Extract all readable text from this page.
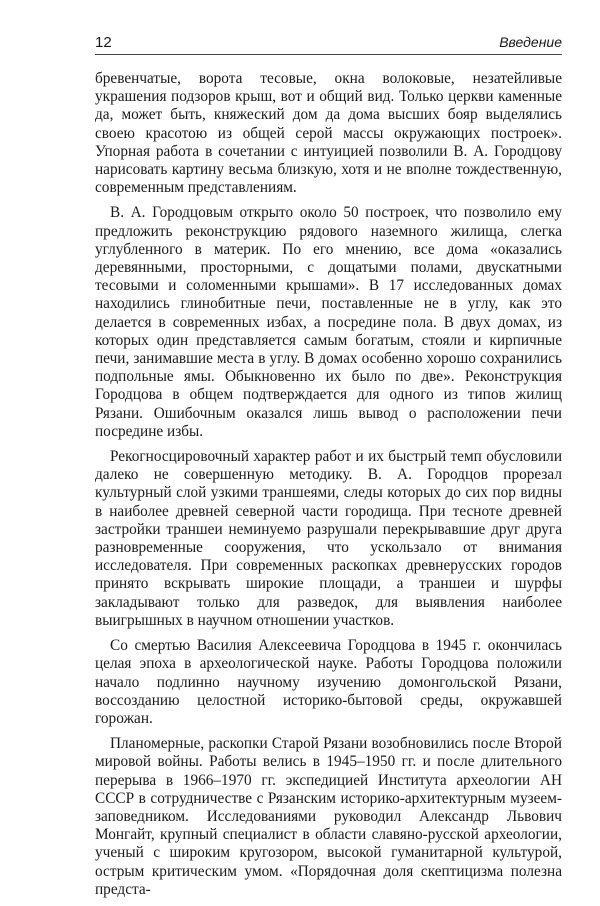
12	Введение

бревенчатые, ворота тесовые, окна волоковые, незатейливые украшения подзоров крыш, вот и общий вид. Только церкви каменные да, может быть, княжеский дом да дома высших бояр выделялись своею красотою из общей серой массы окружающих построек». Упорная работа в сочетании с интуицией позволили В. А. Городцову нарисовать картину весьма близкую, хотя и не вполне тождественную, современным представлениям.

В. А. Городцовым открыто около 50 построек, что позволило ему предложить реконструкцию рядового наземного жилища, слегка углубленного в материк. По его мнению, все дома «оказались деревянными, просторными, с дощатыми полами, двускатными тесовыми и соломенными крышами». В 17 исследованных домах находились глинобитные печи, поставленные не в углу, как это делается в современных избах, а посредине пола. В двух домах, из которых один представляется самым богатым, стояли и кирпичные печи, занимавшие места в углу. В домах особенно хорошо сохранились подпольные ямы. Обыкновенно их было по две». Реконструкция Городцова в общем подтверждается для одного из типов жилищ Рязани. Ошибочным оказался лишь вывод о расположении печи посредине избы.

Рекогносцировочный характер работ и их быстрый темп обусловили далеко не совершенную методику. В. А. Городцов прорезал культурный слой узкими траншеями, следы которых до сих пор видны в наиболее древней северной части городища. При тесноте древней застройки траншеи неминуемо разрушали перекрывавшие друг друга разновременные сооружения, что ускользало от внимания исследователя. При современных раскопках древнерусских городов принято вскрывать широкие площади, а траншеи и шурфы закладывают только для разведок, для выявления наиболее выигрышных в научном отношении участков.

Со смертью Василия Алексеевича Городцова в 1945 г. окончилась целая эпоха в археологической науке. Работы Городцова положили начало подлинно научному изучению домонгольской Рязани, воссозданию целостной историко-бытовой среды, окружавшей горожан.

Планомерные, раскопки Старой Рязани возобновились после Второй мировой войны. Работы велись в 1945–1950 гг. и после длительного перерыва в 1966–1970 гг. экспедицией Института археологии АН СССР в сотрудничестве с Рязанским историко-архитектурным музеем-заповедником. Исследованиями руководил Александр Львович Монгайт, крупный специалист в области славяно-русской археологии, ученый с широким кругозором, высокой гуманитарной культурой, острым критическим умом. «Порядочная доля скептицизма полезна предста-
